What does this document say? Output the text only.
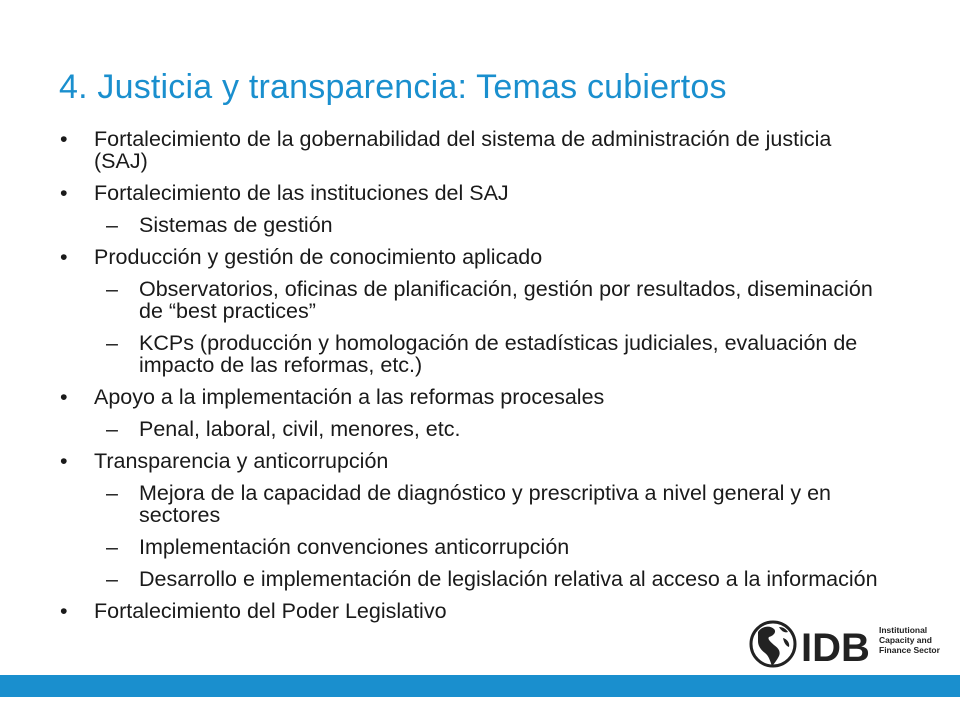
4. Justicia y transparencia: Temas cubiertos
• Fortalecimiento de la gobernabilidad del sistema de administración de justicia (SAJ)
• Fortalecimiento de las instituciones del SAJ
– Sistemas de gestión
• Producción y gestión de conocimiento aplicado
– Observatorios, oficinas de planificación, gestión por resultados, diseminación de “best practices”
– KCPs (producción y homologación de estadísticas judiciales, evaluación de impacto de las reformas, etc.)
• Apoyo a la implementación a las reformas procesales
– Penal, laboral, civil, menores, etc.
• Transparencia y anticorrupción
– Mejora de la capacidad de diagnóstico y prescriptiva a nivel general y en sectores
– Implementación convenciones anticorrupción
– Desarrollo e implementación de legislación relativa al acceso a la información
• Fortalecimiento del Poder Legislativo
IDB Institutional
Capacity and
Finance Sector
